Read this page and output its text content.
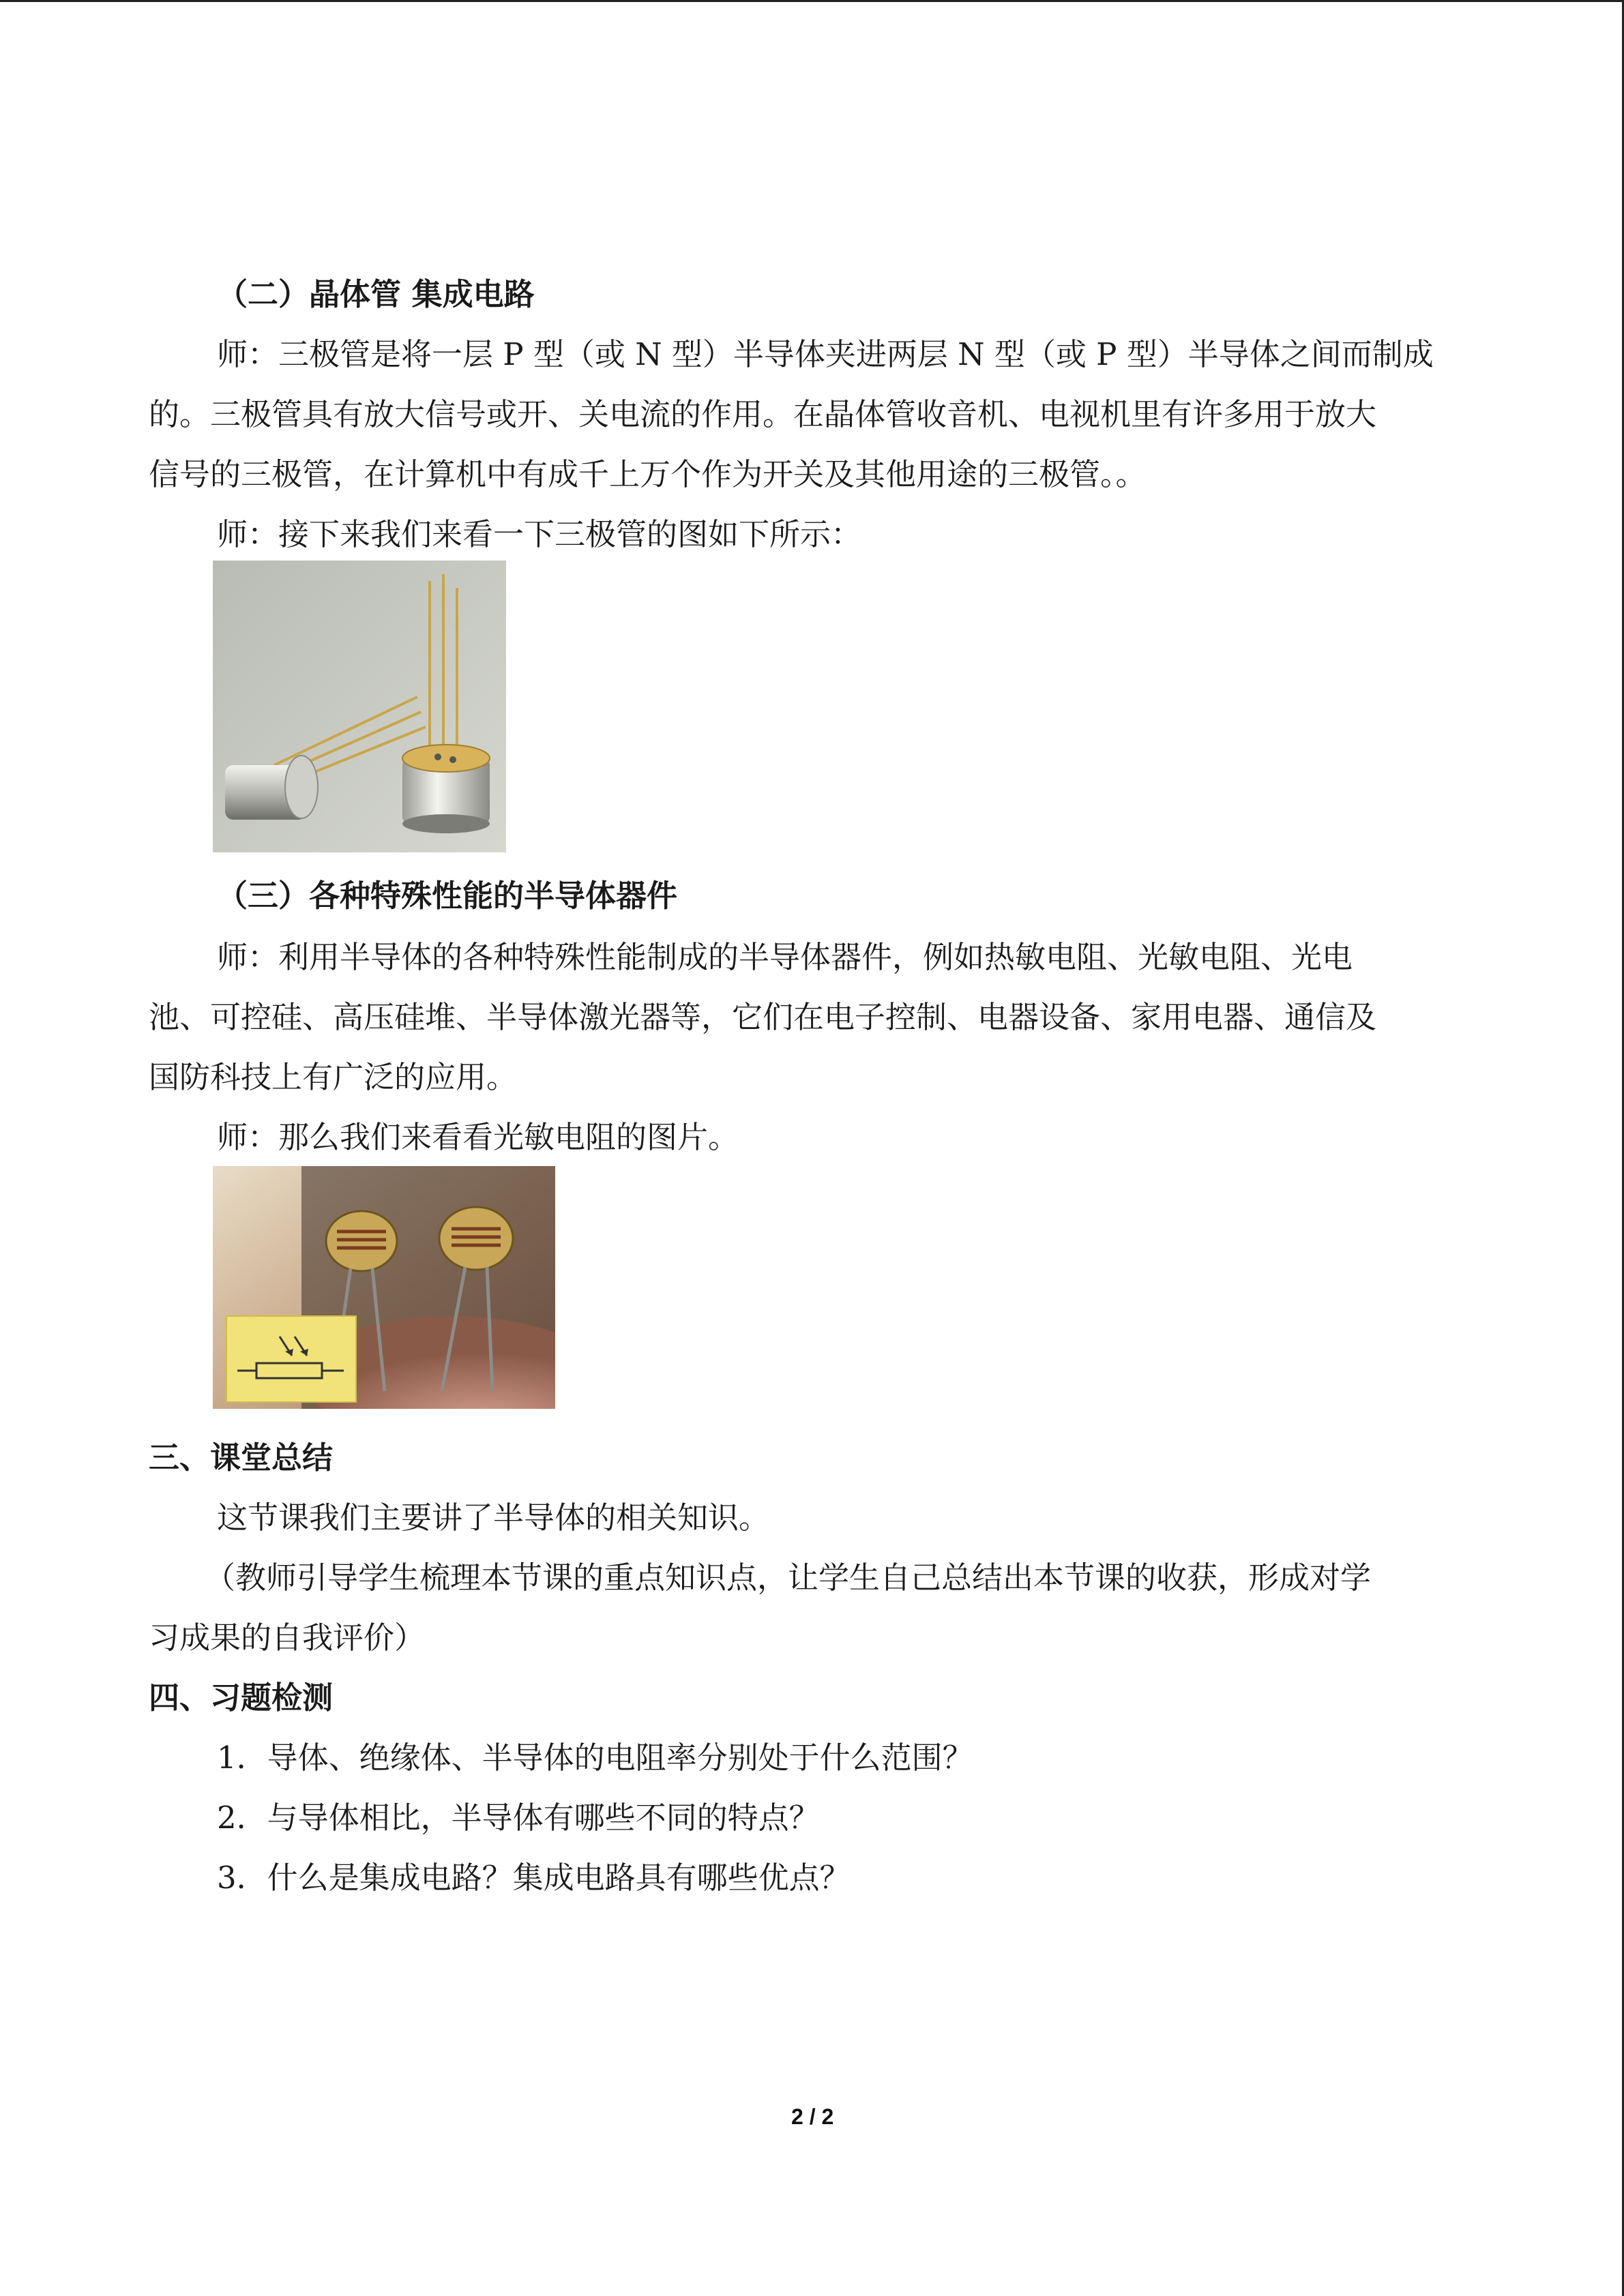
（二）晶体管 集成电路
师：三极管是将一层 P 型（或 N 型）半导体夹进两层 N 型（或 P 型）半导体之间而制成
的。三极管具有放大信号或开、关电流的作用。在晶体管收音机、电视机里有许多用于放大
信号的三极管，在计算机中有成千上万个作为开关及其他用途的三极管。。
师：接下来我们来看一下三极管的图如下所示：
（三）各种特殊性能的半导体器件
师：利用半导体的各种特殊性能制成的半导体器件，例如热敏电阻、光敏电阻、光电
池、可控硅、高压硅堆、半导体激光器等，它们在电子控制、电器设备、家用电器、通信及
国防科技上有广泛的应用。
师：那么我们来看看光敏电阻的图片。
三、课堂总结
这节课我们主要讲了半导体的相关知识。
（教师引导学生梳理本节课的重点知识点，让学生自己总结出本节课的收获，形成对学
习成果的自我评价）
四、习题检测
1．导体、绝缘体、半导体的电阻率分别处于什么范围？
2．与导体相比，半导体有哪些不同的特点？
3．什么是集成电路？集成电路具有哪些优点？
2 / 2
